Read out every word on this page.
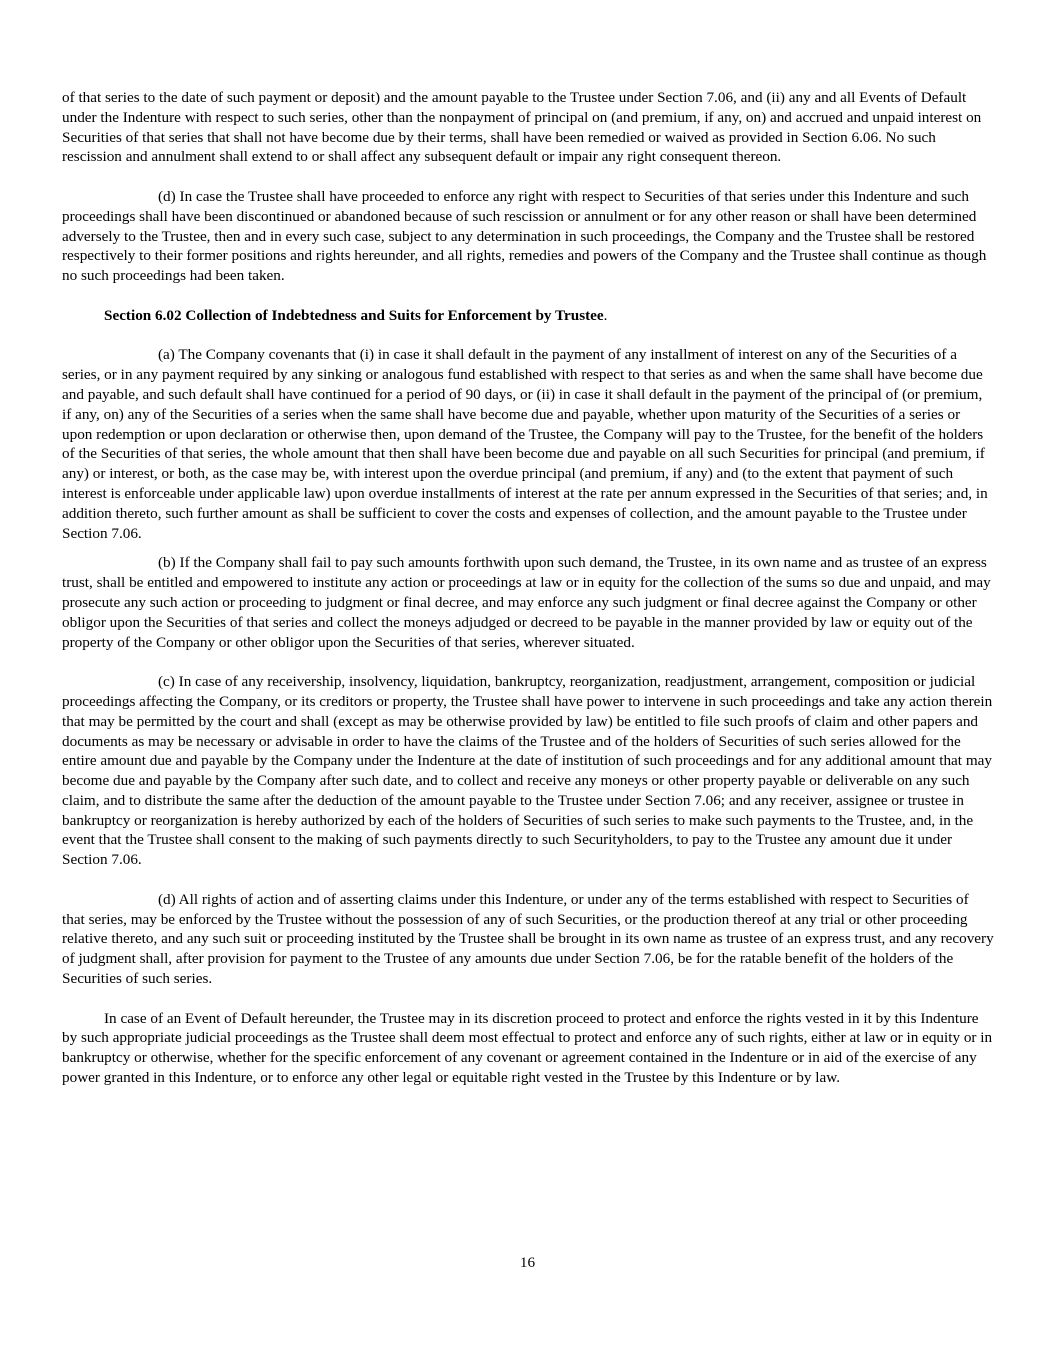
of that series to the date of such payment or deposit) and the amount payable to the Trustee under Section 7.06, and (ii) any and all Events of Default under the Indenture with respect to such series, other than the nonpayment of principal on (and premium, if any, on) and accrued and unpaid interest on Securities of that series that shall not have become due by their terms, shall have been remedied or waived as provided in Section 6.06. No such rescission and annulment shall extend to or shall affect any subsequent default or impair any right consequent thereon.

(d) In case the Trustee shall have proceeded to enforce any right with respect to Securities of that series under this Indenture and such proceedings shall have been discontinued or abandoned because of such rescission or annulment or for any other reason or shall have been determined adversely to the Trustee, then and in every such case, subject to any determination in such proceedings, the Company and the Trustee shall be restored respectively to their former positions and rights hereunder, and all rights, remedies and powers of the Company and the Trustee shall continue as though no such proceedings had been taken.

Section 6.02 Collection of Indebtedness and Suits for Enforcement by Trustee.

(a) The Company covenants that (i) in case it shall default in the payment of any installment of interest on any of the Securities of a series, or in any payment required by any sinking or analogous fund established with respect to that series as and when the same shall have become due and payable, and such default shall have continued for a period of 90 days, or (ii) in case it shall default in the payment of the principal of (or premium, if any, on) any of the Securities of a series when the same shall have become due and payable, whether upon maturity of the Securities of a series or upon redemption or upon declaration or otherwise then, upon demand of the Trustee, the Company will pay to the Trustee, for the benefit of the holders of the Securities of that series, the whole amount that then shall have been become due and payable on all such Securities for principal (and premium, if any) or interest, or both, as the case may be, with interest upon the overdue principal (and premium, if any) and (to the extent that payment of such interest is enforceable under applicable law) upon overdue installments of interest at the rate per annum expressed in the Securities of that series; and, in addition thereto, such further amount as shall be sufficient to cover the costs and expenses of collection, and the amount payable to the Trustee under Section 7.06.

(b) If the Company shall fail to pay such amounts forthwith upon such demand, the Trustee, in its own name and as trustee of an express trust, shall be entitled and empowered to institute any action or proceedings at law or in equity for the collection of the sums so due and unpaid, and may prosecute any such action or proceeding to judgment or final decree, and may enforce any such judgment or final decree against the Company or other obligor upon the Securities of that series and collect the moneys adjudged or decreed to be payable in the manner provided by law or equity out of the property of the Company or other obligor upon the Securities of that series, wherever situated.

(c) In case of any receivership, insolvency, liquidation, bankruptcy, reorganization, readjustment, arrangement, composition or judicial proceedings affecting the Company, or its creditors or property, the Trustee shall have power to intervene in such proceedings and take any action therein that may be permitted by the court and shall (except as may be otherwise provided by law) be entitled to file such proofs of claim and other papers and documents as may be necessary or advisable in order to have the claims of the Trustee and of the holders of Securities of such series allowed for the entire amount due and payable by the Company under the Indenture at the date of institution of such proceedings and for any additional amount that may become due and payable by the Company after such date, and to collect and receive any moneys or other property payable or deliverable on any such claim, and to distribute the same after the deduction of the amount payable to the Trustee under Section 7.06; and any receiver, assignee or trustee in bankruptcy or reorganization is hereby authorized by each of the holders of Securities of such series to make such payments to the Trustee, and, in the event that the Trustee shall consent to the making of such payments directly to such Securityholders, to pay to the Trustee any amount due it under Section 7.06.

(d) All rights of action and of asserting claims under this Indenture, or under any of the terms established with respect to Securities of that series, may be enforced by the Trustee without the possession of any of such Securities, or the production thereof at any trial or other proceeding relative thereto, and any such suit or proceeding instituted by the Trustee shall be brought in its own name as trustee of an express trust, and any recovery of judgment shall, after provision for payment to the Trustee of any amounts due under Section 7.06, be for the ratable benefit of the holders of the Securities of such series.

In case of an Event of Default hereunder, the Trustee may in its discretion proceed to protect and enforce the rights vested in it by this Indenture by such appropriate judicial proceedings as the Trustee shall deem most effectual to protect and enforce any of such rights, either at law or in equity or in bankruptcy or otherwise, whether for the specific enforcement of any covenant or agreement contained in the Indenture or in aid of the exercise of any power granted in this Indenture, or to enforce any other legal or equitable right vested in the Trustee by this Indenture or by law.

16
